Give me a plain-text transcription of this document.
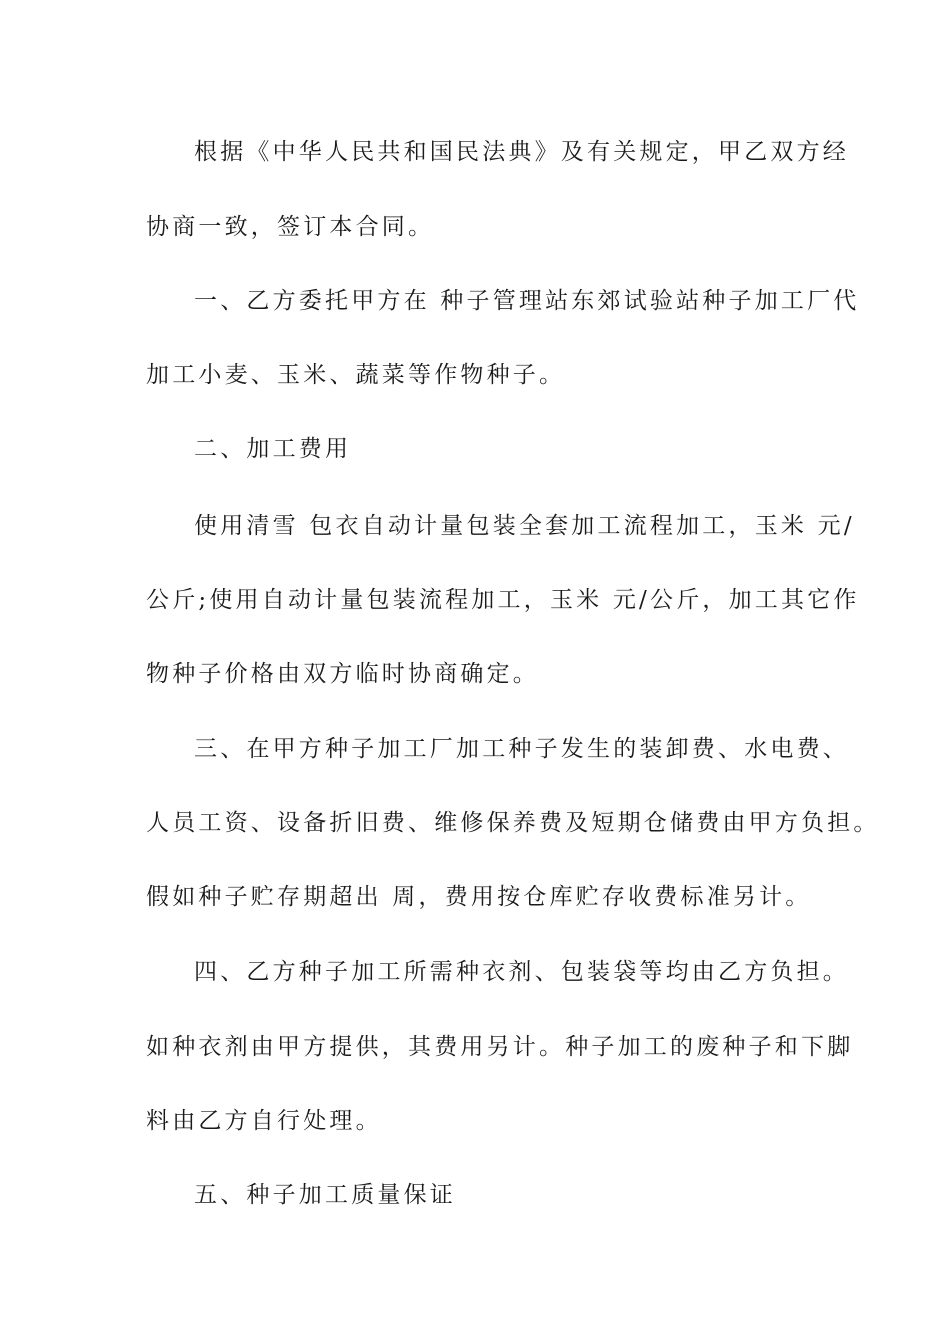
根据《中华人民共和国民法典》及有关规定，甲乙双方经
协商一致，签订本合同。
一、乙方委托甲方在 种子管理站东郊试验站种子加工厂代
加工小麦、玉米、蔬菜等作物种子。
二、加工费用
使用清雪 包衣自动计量包装全套加工流程加工，玉米 元/
公斤;使用自动计量包装流程加工，玉米 元/公斤，加工其它作
物种子价格由双方临时协商确定。
三、在甲方种子加工厂加工种子发生的装卸费、水电费、
人员工资、设备折旧费、维修保养费及短期仓储费由甲方负担。
假如种子贮存期超出 周，费用按仓库贮存收费标准另计。
四、乙方种子加工所需种衣剂、包装袋等均由乙方负担。
如种衣剂由甲方提供，其费用另计。种子加工的废种子和下脚
料由乙方自行处理。
五、种子加工质量保证
